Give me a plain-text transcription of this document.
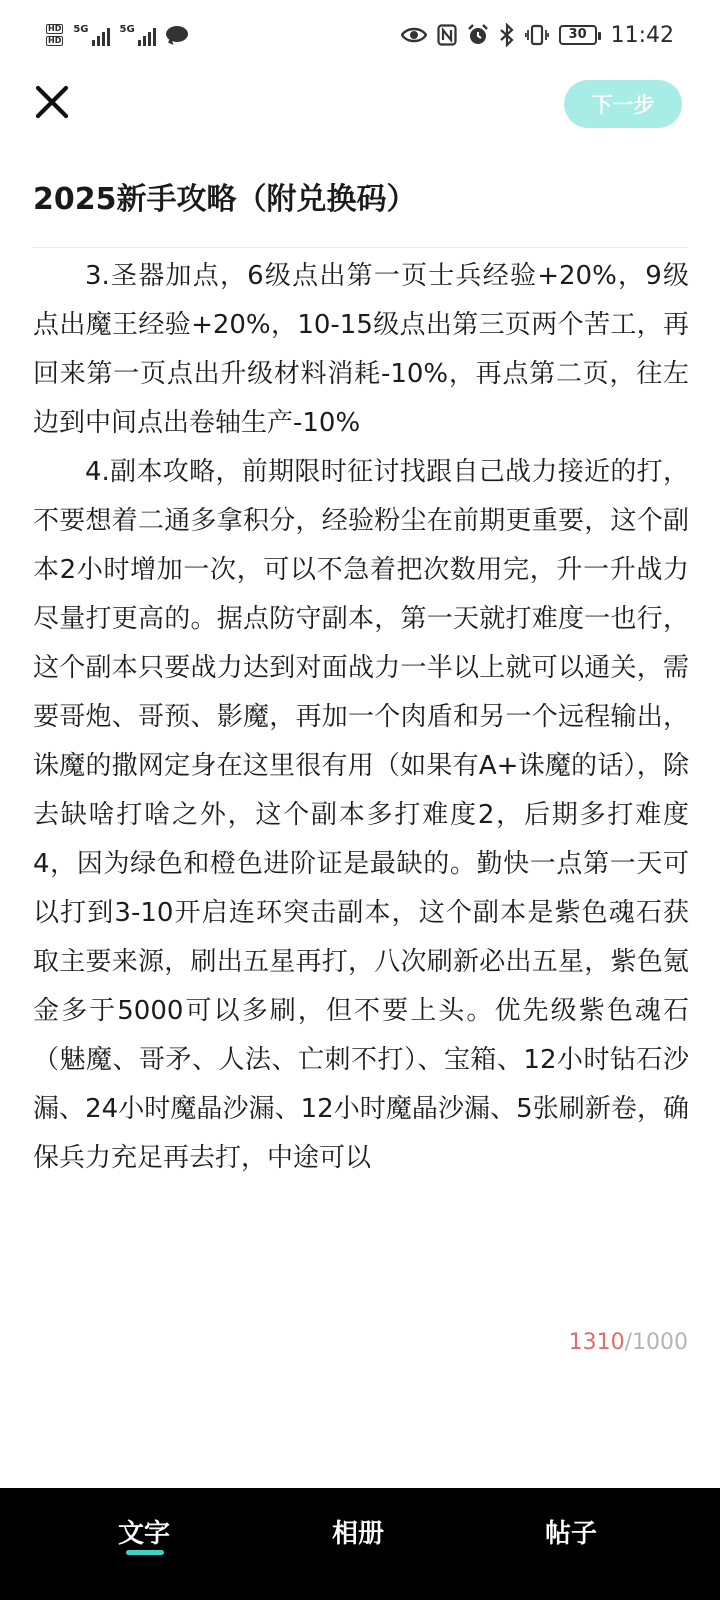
HD
HD
5G	5G	30	11:42
下一步
2025新手攻略（附兑换码）

3.圣器加点，6级点出第一页士兵经验+20%，9级点出魔王经验+20%，10-15级点出第三页两个苦工，再回来第一页点出升级材料消耗-10%，再点第二页，往左边到中间点出卷轴生产-10%

4.副本攻略，前期限时征讨找跟自己战力接近的打，不要想着二通多拿积分，经验粉尘在前期更重要，这个副本2小时增加一次，可以不急着把次数用完，升一升战力尽量打更高的。据点防守副本，第一天就打难度一也行，这个副本只要战力达到对面战力一半以上就可以通关，需要哥炮、哥预、影魔，再加一个肉盾和另一个远程输出，诛魔的撒网定身在这里很有用（如果有A+诛魔的话），除去缺啥打啥之外，这个副本多打难度2，后期多打难度4，因为绿色和橙色进阶证是最缺的。勤快一点第一天可以打到3-10开启连环突击副本，这个副本是紫色魂石获取主要来源，刷出五星再打，八次刷新必出五星，紫色氪金多于5000可以多刷，但不要上头。优先级紫色魂石（魅魔、哥矛、人法、亡刺不打）、宝箱、12小时钻石沙漏、24小时魔晶沙漏、12小时魔晶沙漏、5张刷新卷，确保兵力充足再去打，中途可以

1310/1000
文字	相册	帖子
